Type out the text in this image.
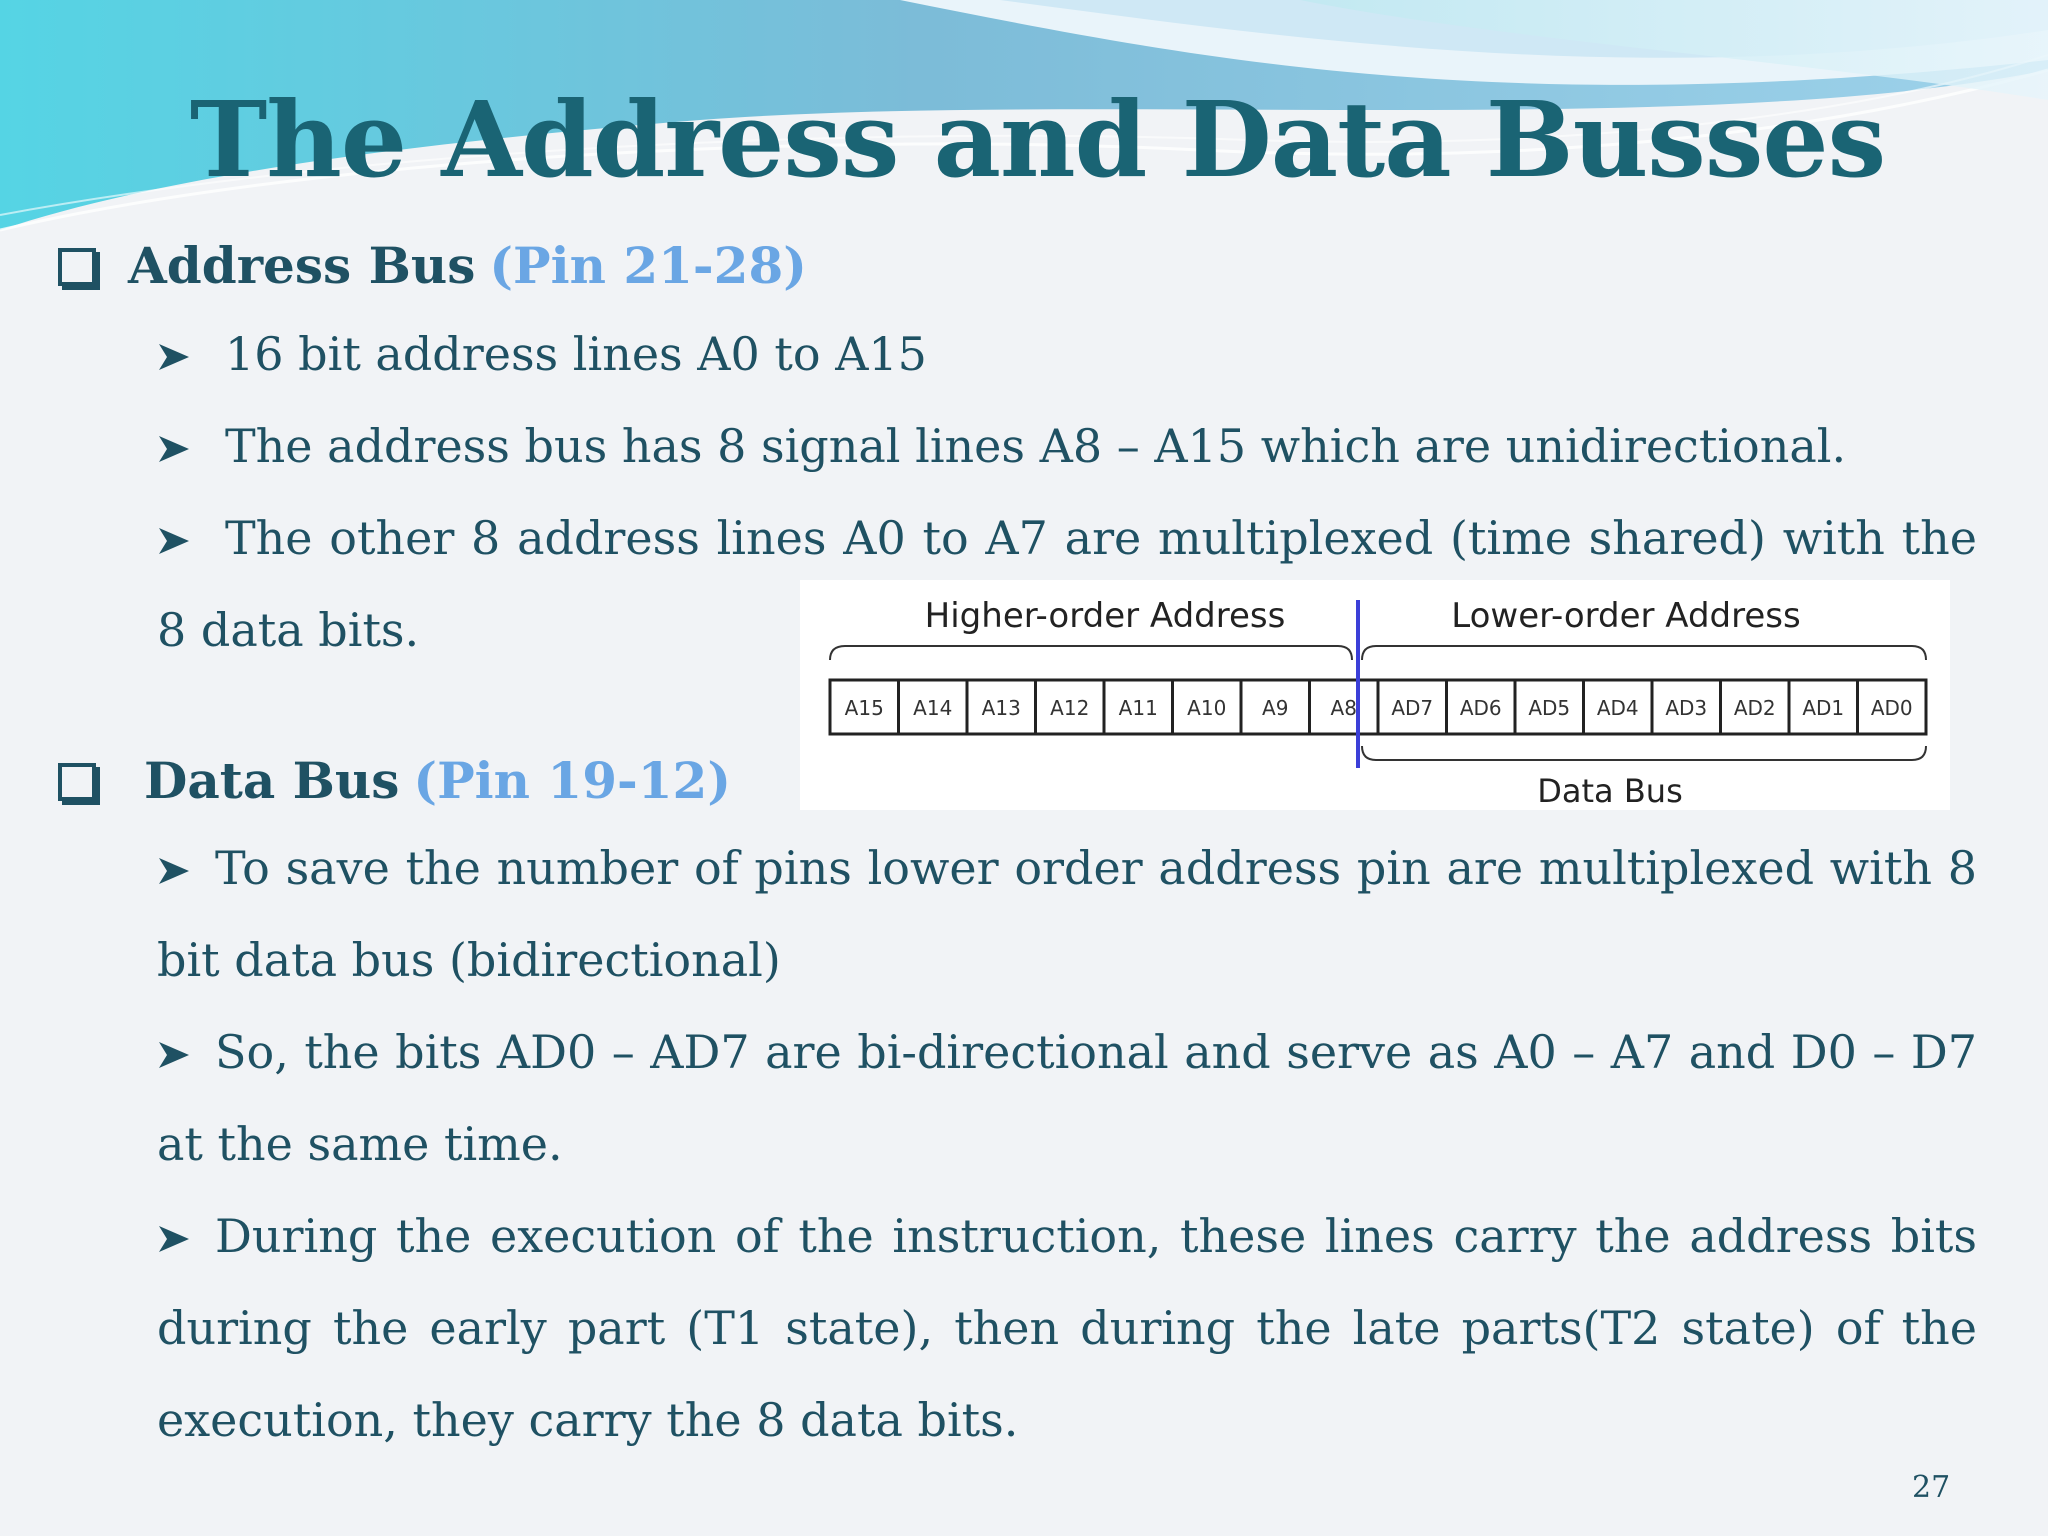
The Address and Data Busses
Address Bus (Pin 21-28)
16 bit address lines A0 to A15
The address bus has 8 signal lines A8 – A15 which are unidirectional.
The other 8 address lines A0 to A7 are multiplexed (time shared) with the 8 data bits.	Higher-order Address	Lower-order Address
A15 A14 A13 A12 A11 A10 A9 A8 AD7 AD6 AD5 AD4 AD3 AD2 AD1 AD0
Data Bus
Data Bus (Pin 19-12)
To save the number of pins lower order address pin are multiplexed with 8 bit data bus (bidirectional)
So, the bits AD0 – AD7 are bi-directional and serve as A0 – A7 and D0 – D7 at the same time.
During the execution of the instruction, these lines carry the address bits during the early part (T1 state), then during the late parts(T2 state) of the execution, they carry the 8 data bits.
27
